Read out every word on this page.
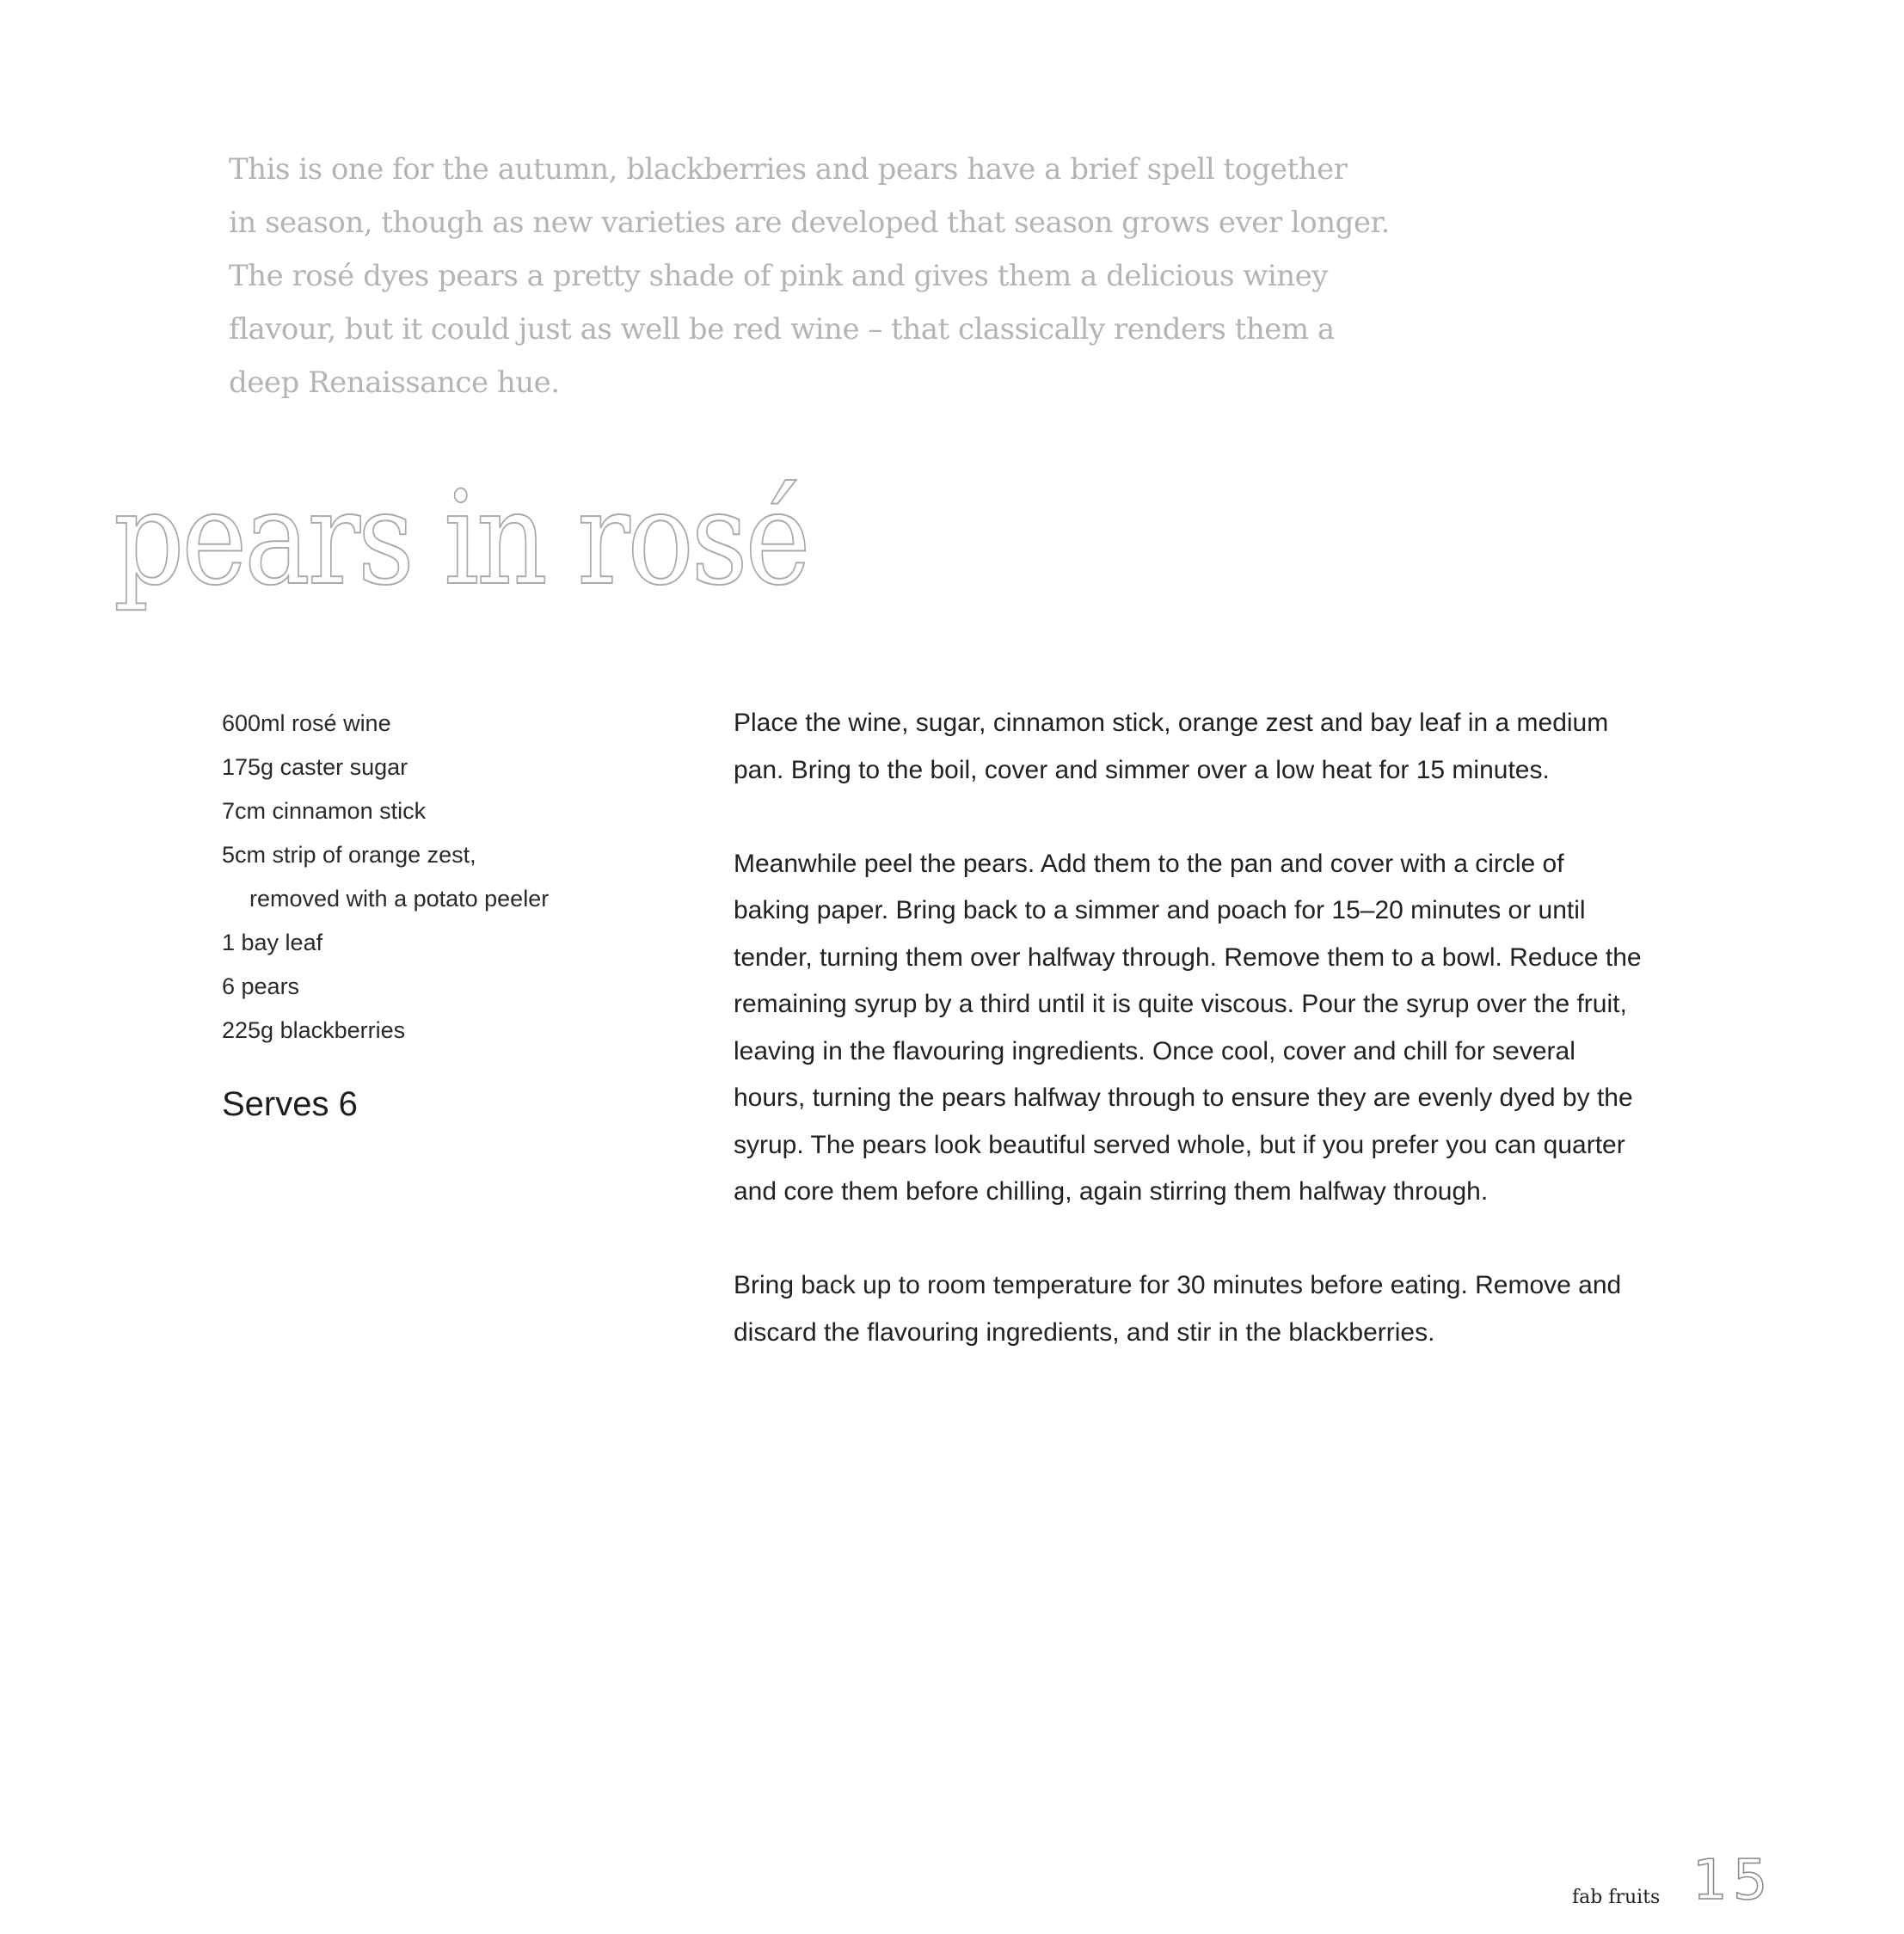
This is one for the autumn, blackberries and pears have a brief spell together
in season, though as new varieties are developed that season grows ever longer.
The rosé dyes pears a pretty shade of pink and gives them a delicious winey
flavour, but it could just as well be red wine – that classically renders them a
deep Renaissance hue.
pears in rosé
600ml rosé wine
175g caster sugar
7cm cinnamon stick
5cm strip of orange zest,
removed with a potato peeler
1 bay leaf
6 pears
225g blackberries
Serves 6
Place the wine, sugar, cinnamon stick, orange zest and bay leaf in a medium
pan. Bring to the boil, cover and simmer over a low heat for 15 minutes.
Meanwhile peel the pears. Add them to the pan and cover with a circle of
baking paper. Bring back to a simmer and poach for 15–20 minutes or until
tender, turning them over halfway through. Remove them to a bowl. Reduce the
remaining syrup by a third until it is quite viscous. Pour the syrup over the fruit,
leaving in the flavouring ingredients. Once cool, cover and chill for several
hours, turning the pears halfway through to ensure they are evenly dyed by the
syrup. The pears look beautiful served whole, but if you prefer you can quarter
and core them before chilling, again stirring them halfway through.
Bring back up to room temperature for 30 minutes before eating. Remove and
discard the flavouring ingredients, and stir in the blackberries.
fab fruits 15
